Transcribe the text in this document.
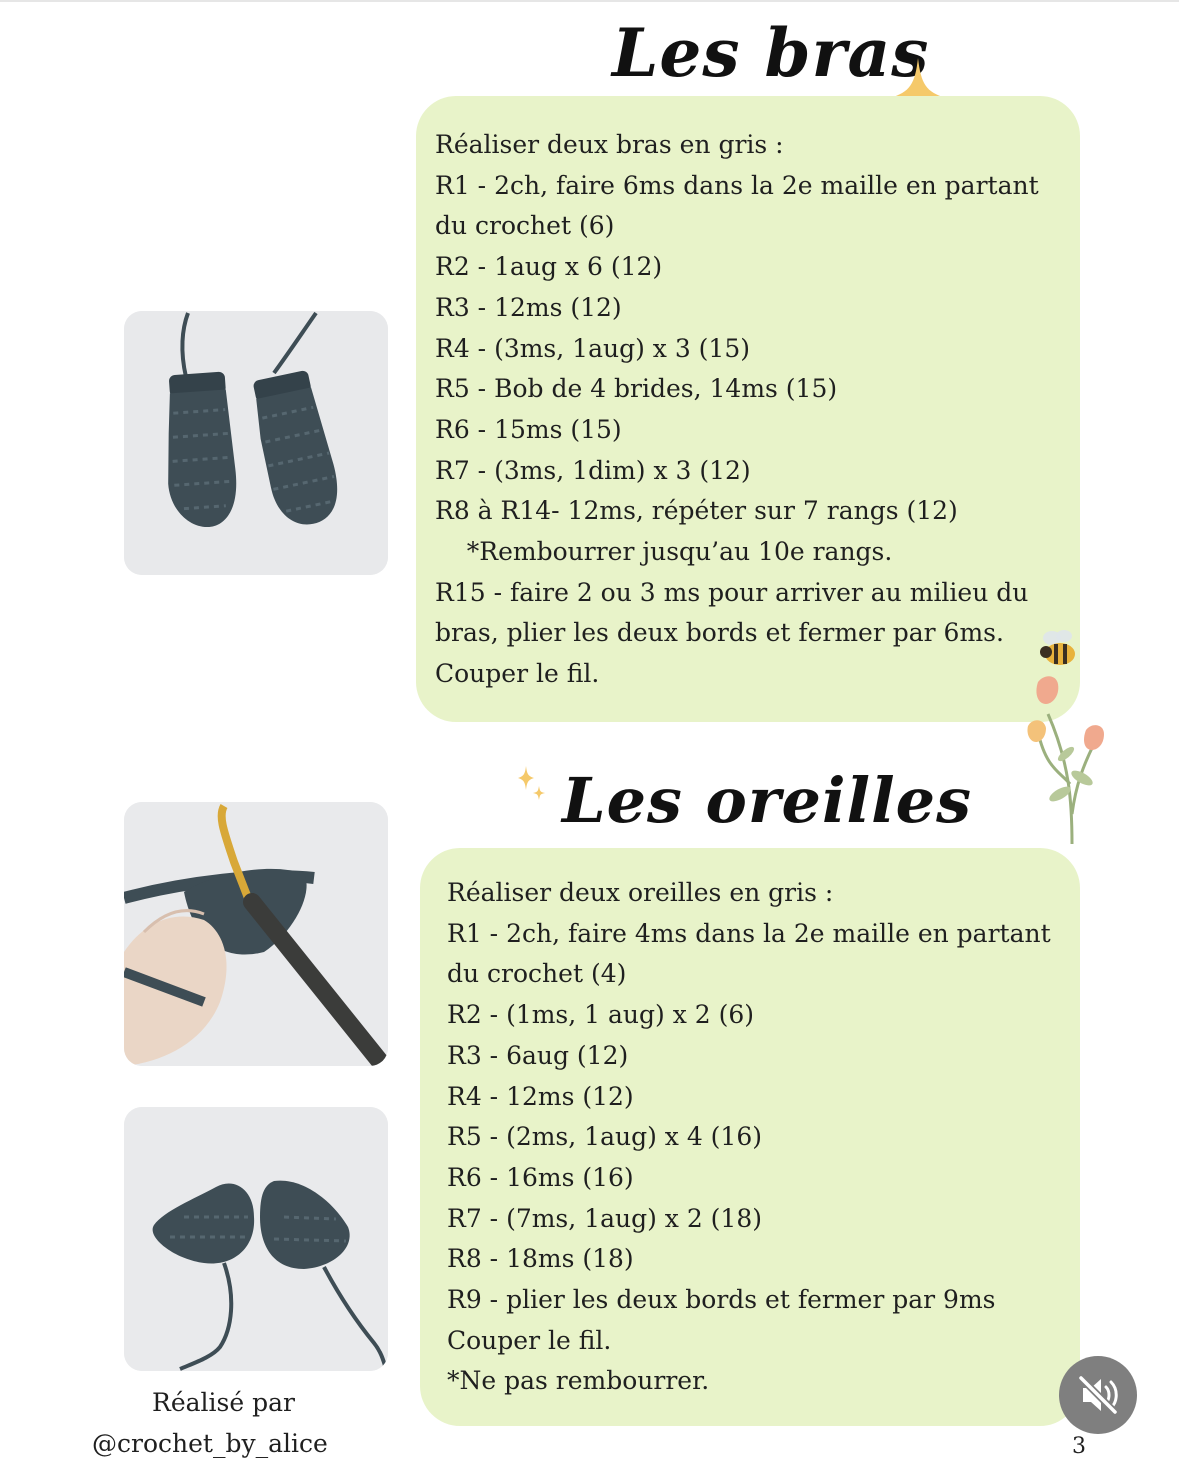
Les bras
Réaliser deux bras en gris :
R1 - 2ch, faire 6ms dans la 2e maille en partant
du crochet (6)
R2 - 1aug x 6 (12)
R3 - 12ms (12)
R4 - (3ms, 1aug) x 3 (15)
R5 - Bob de 4 brides, 14ms (15)
R6 - 15ms (15)
R7 - (3ms, 1dim) x 3 (12)
R8 à R14- 12ms, répéter sur 7 rangs (12)
*Rembourrer jusqu’au 10e rangs.
R15 - faire 2 ou 3 ms pour arriver au milieu du
bras, plier les deux bords et fermer par 6ms.
Couper le fil.
Les oreilles
Réaliser deux oreilles en gris :
R1 - 2ch, faire 4ms dans la 2e maille en partant
du crochet (4)
R2 - (1ms, 1 aug) x 2 (6)
R3 - 6aug (12)
R4 - 12ms (12)
R5 - (2ms, 1aug) x 4 (16)
R6 - 16ms (16)
R7 - (7ms, 1aug) x 2 (18)
R8 - 18ms (18)
R9 - plier les deux bords et fermer par 9ms
Couper le fil.
*Ne pas rembourrer.
Réalisé par
@crochet_by_alice	3
